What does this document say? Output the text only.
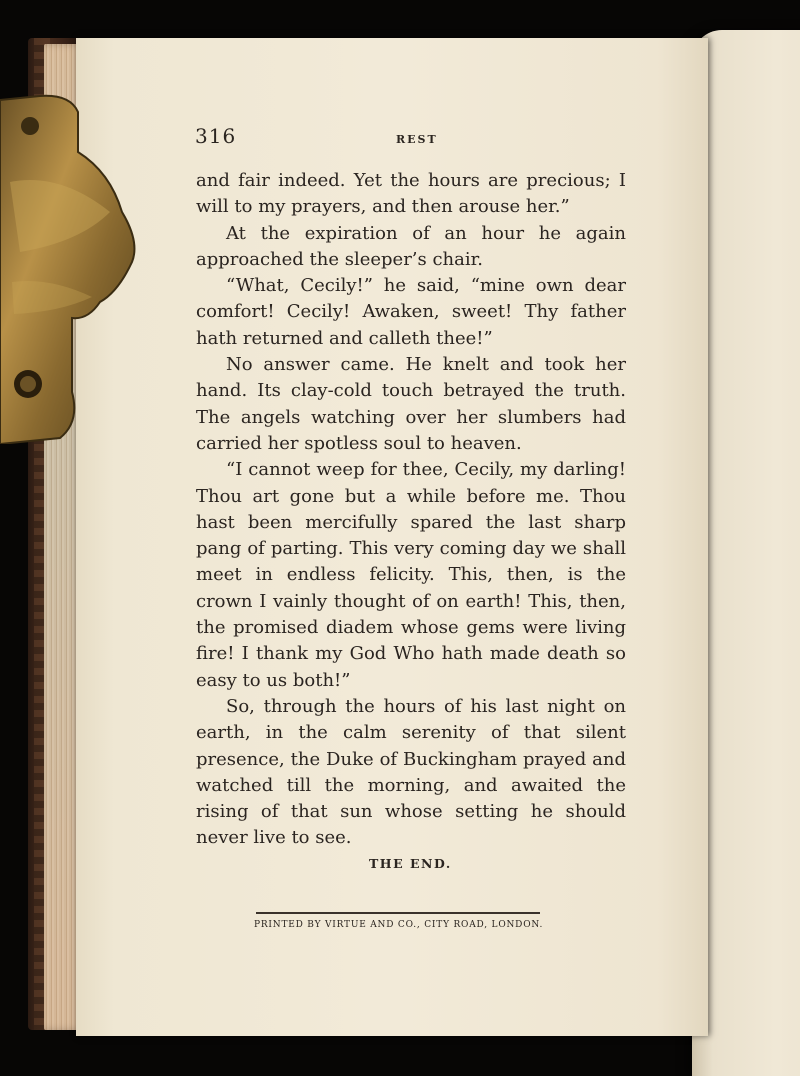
316	REST

and fair indeed. Yet the hours are precious; I will to my prayers, and then arouse her.”

At the expiration of an hour he again approached the sleeper’s chair.

“What, Cecily!” he said, “mine own dear comfort! Cecily! Awaken, sweet! Thy father hath returned and calleth thee!”

No answer came. He knelt and took her hand. Its clay-cold touch betrayed the truth. The angels watching over her slumbers had carried her spotless soul to heaven.

“I cannot weep for thee, Cecily, my darling! Thou art gone but a while before me. Thou hast been mercifully spared the last sharp pang of parting. This very coming day we shall meet in endless felicity. This, then, is the crown I vainly thought of on earth! This, then, the promised diadem whose gems were living fire! I thank my God Who hath made death so easy to us both!”

So, through the hours of his last night on earth, in the calm serenity of that silent presence, the Duke of Buckingham prayed and watched till the morning, and awaited the rising of that sun whose setting he should never live to see.

THE END.
PRINTED BY VIRTUE AND CO., CITY ROAD, LONDON.
